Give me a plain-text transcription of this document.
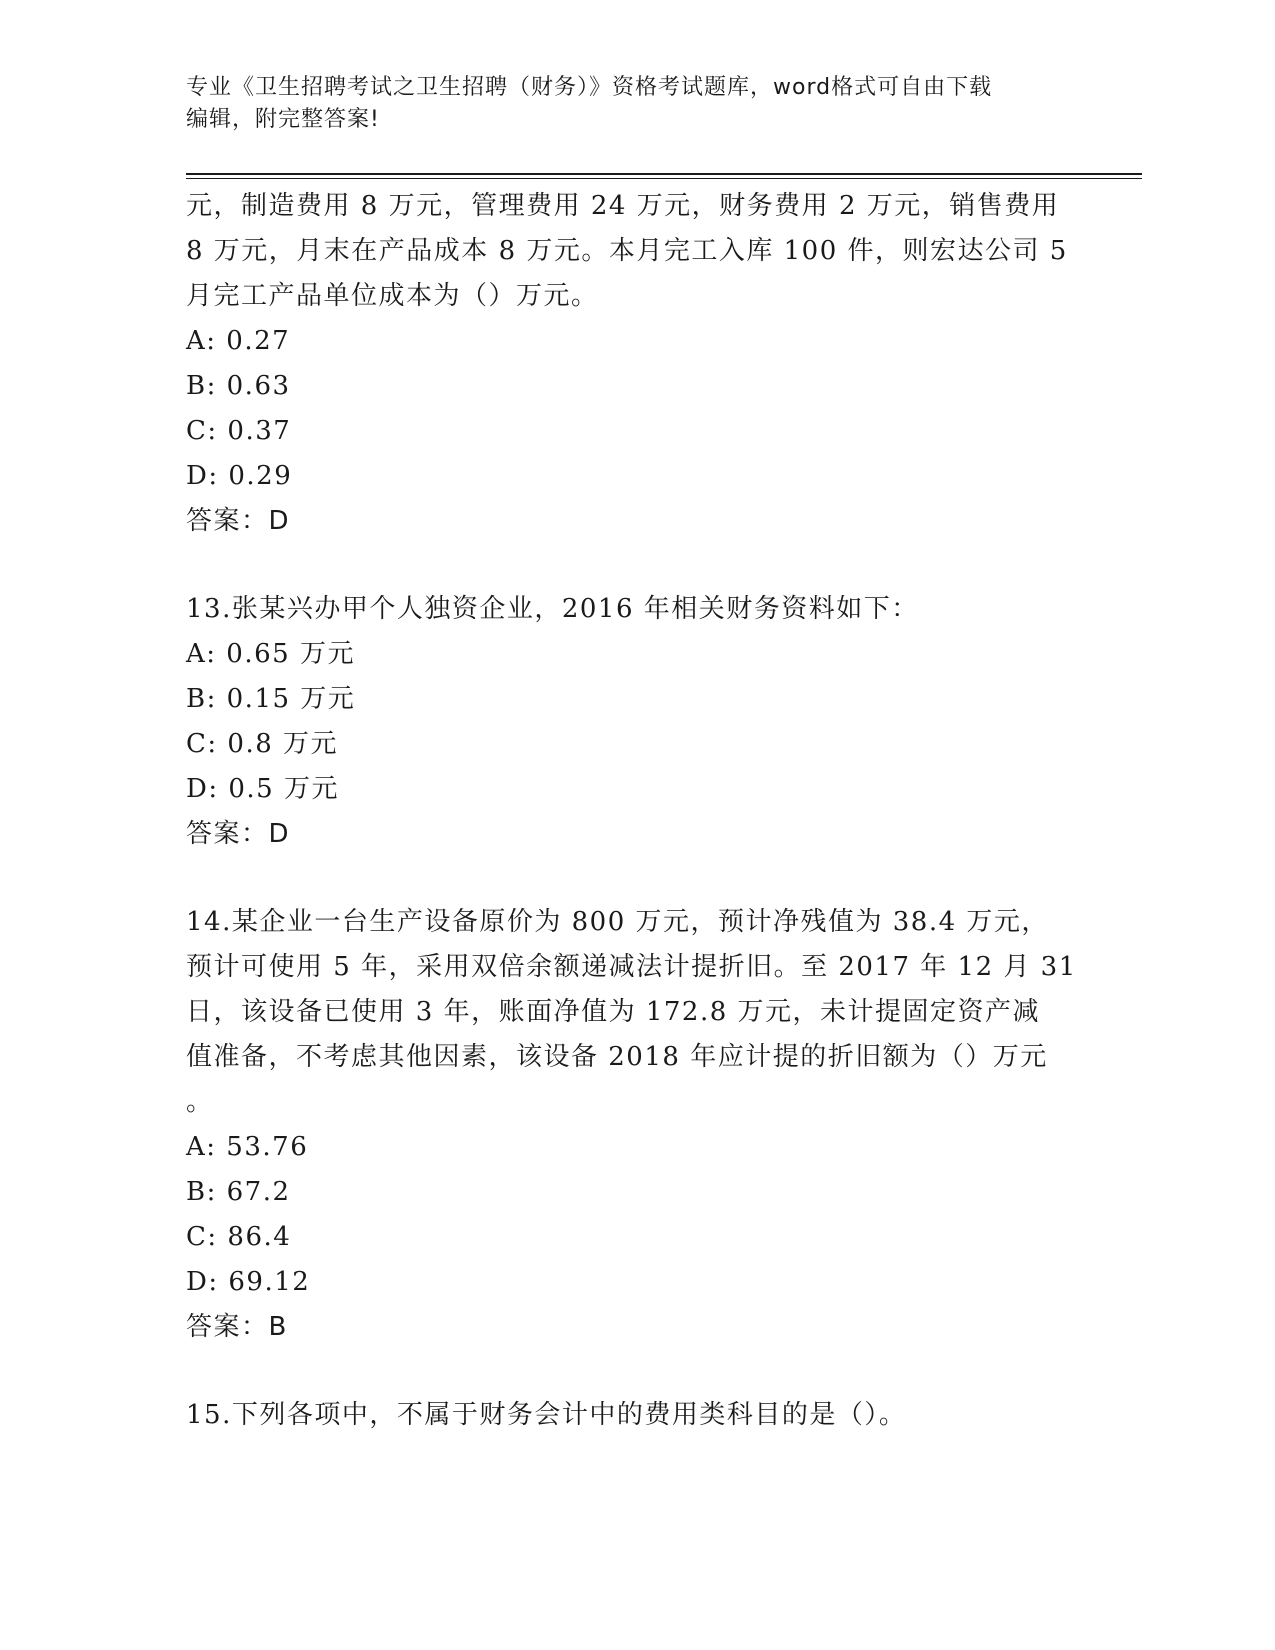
专业《卫生招聘考试之卫生招聘（财务）》资格考试题库，word格式可自由下载
编辑，附完整答案!
元，制造费用 8 万元，管理费用 24 万元，财务费用 2 万元，销售费用
8 万元，月末在产品成本 8 万元。本月完工入库 100 件，则宏达公司 5
月完工产品单位成本为（）万元。
A: 0.27
B: 0.63
C: 0.37
D: 0.29
答案：D
13.张某兴办甲个人独资企业，2016 年相关财务资料如下：
A: 0.65 万元
B: 0.15 万元
C: 0.8 万元
D: 0.5 万元
答案：D
14.某企业一台生产设备原价为 800 万元，预计净残值为 38.4 万元，
预计可使用 5 年，采用双倍余额递减法计提折旧。至 2017 年 12 月 31
日，该设备已使用 3 年，账面净值为 172.8 万元，未计提固定资产减
值准备，不考虑其他因素，该设备 2018 年应计提的折旧额为（）万元
。
A: 53.76
B: 67.2
C: 86.4
D: 69.12
答案：B
15.下列各项中，不属于财务会计中的费用类科目的是（）。
